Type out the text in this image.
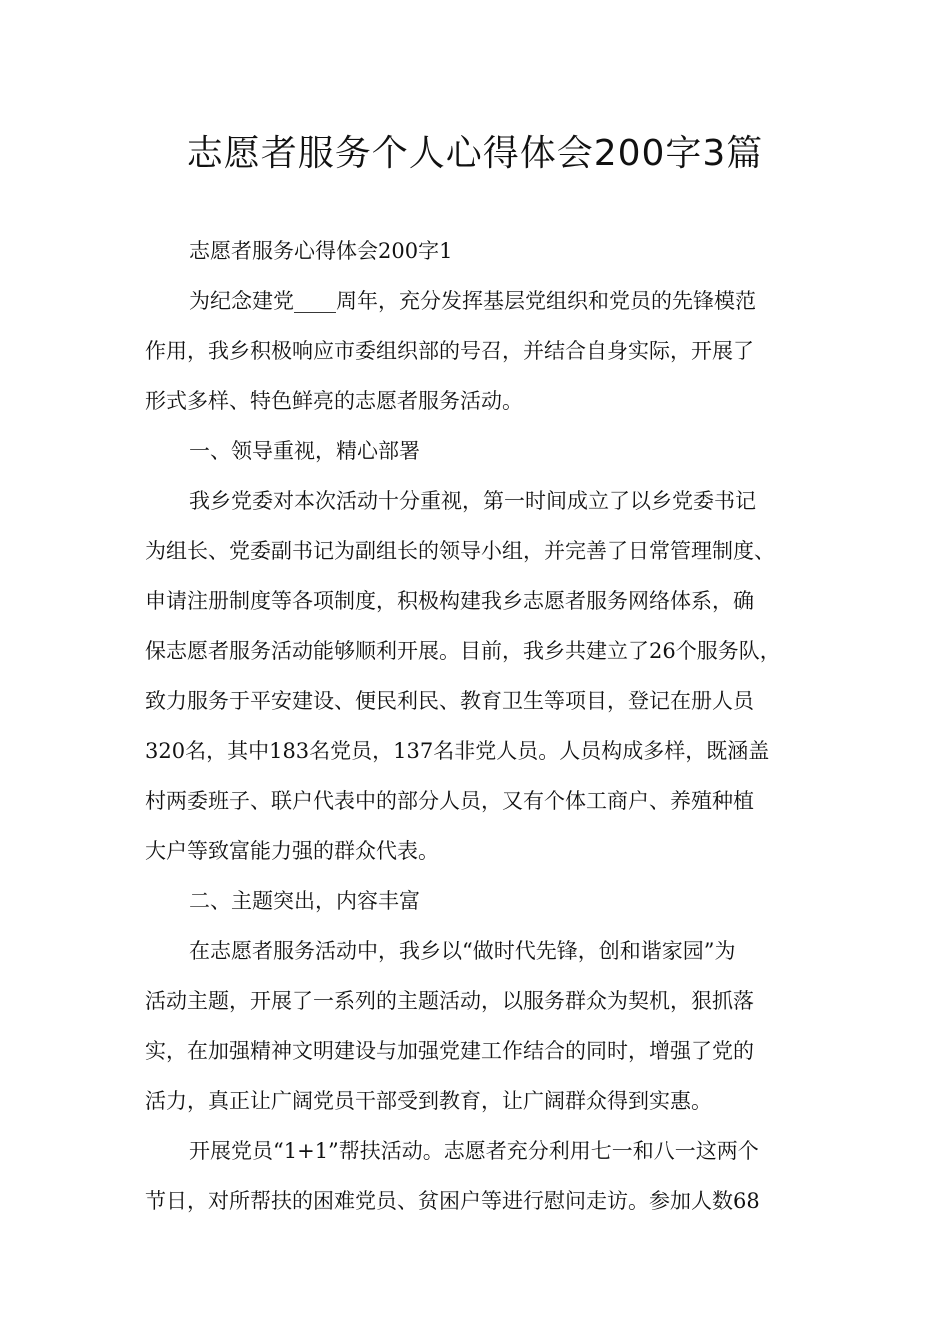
志愿者服务个人心得体会200字3篇

志愿者服务心得体会200字1

为纪念建党____周年，充分发挥基层党组织和党员的先锋模范

作用，我乡积极响应市委组织部的号召，并结合自身实际，开展了

形式多样、特色鲜亮的志愿者服务活动。

一、领导重视，精心部署

我乡党委对本次活动十分重视，第一时间成立了以乡党委书记

为组长、党委副书记为副组长的领导小组，并完善了日常管理制度、

申请注册制度等各项制度，积极构建我乡志愿者服务网络体系，确

保志愿者服务活动能够顺利开展。目前，我乡共建立了26个服务队，

致力服务于平安建设、便民利民、教育卫生等项目，登记在册人员

320名，其中183名党员，137名非党人员。人员构成多样，既涵盖

村两委班子、联户代表中的部分人员，又有个体工商户、养殖种植

大户等致富能力强的群众代表。

二、主题突出，内容丰富

在志愿者服务活动中，我乡以“做时代先锋，创和谐家园”为

活动主题，开展了一系列的主题活动，以服务群众为契机，狠抓落

实，在加强精神文明建设与加强党建工作结合的同时，增强了党的

活力，真正让广阔党员干部受到教育，让广阔群众得到实惠。

开展党员“1+1”帮扶活动。志愿者充分利用七一和八一这两个

节日，对所帮扶的困难党员、贫困户等进行慰问走访。参加人数68
